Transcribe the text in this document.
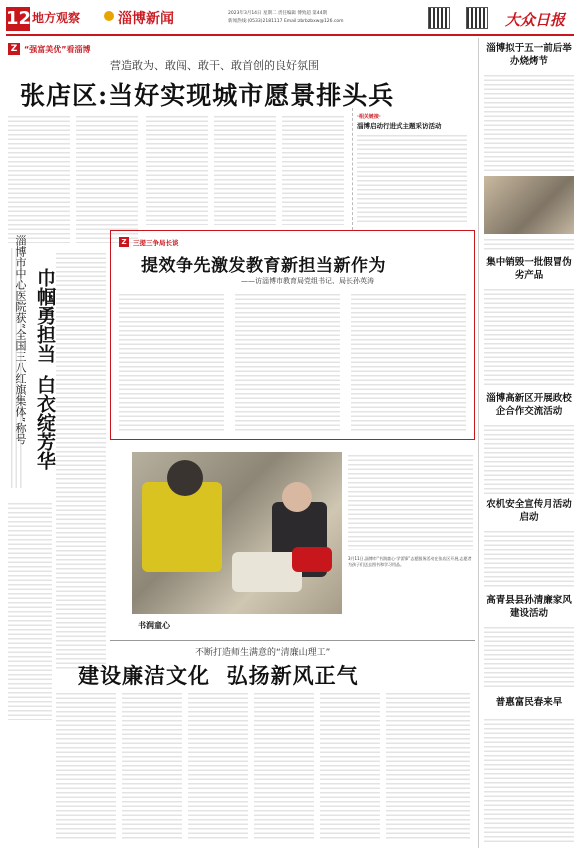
12 地方观察	淄博新闻	2023年3月14日 星期二 责任编辑 傅致超 第44期
新闻热线:(0533)2181117 Email:zbrbzbxw@126.com	大众日报
Z “强富美优”看淄博
营造敢为、敢闯、敢干、敢首创的良好氛围
张店区:当好实现城市愿景排头兵
·相关链接·
淄博启动行进式主题采访活动
淄博市中心医院获“全国三八红旗集体”称号 巾帼勇担当
白衣绽芳华
Z 三提三争局长谈
提效争先激发教育新担当新作为
——访淄博市教育局党组书记、局长孙英涛
书润童心
3月11日,淄博市“书润童心·学雷锋”志愿服务活动在张店区开展,志愿者为孩子们送去图书和学习用品。
不断打造师生满意的“清廉山理工”
建设廉洁文化  弘扬新风正气
淄博拟于五一前后举办烧烤节
集中销毁一批假冒伪劣产品
淄博高新区开展政校企合作交流活动
农机安全宣传月活动启动
高青县县孙清廉家风建设活动
普惠富民春来早
